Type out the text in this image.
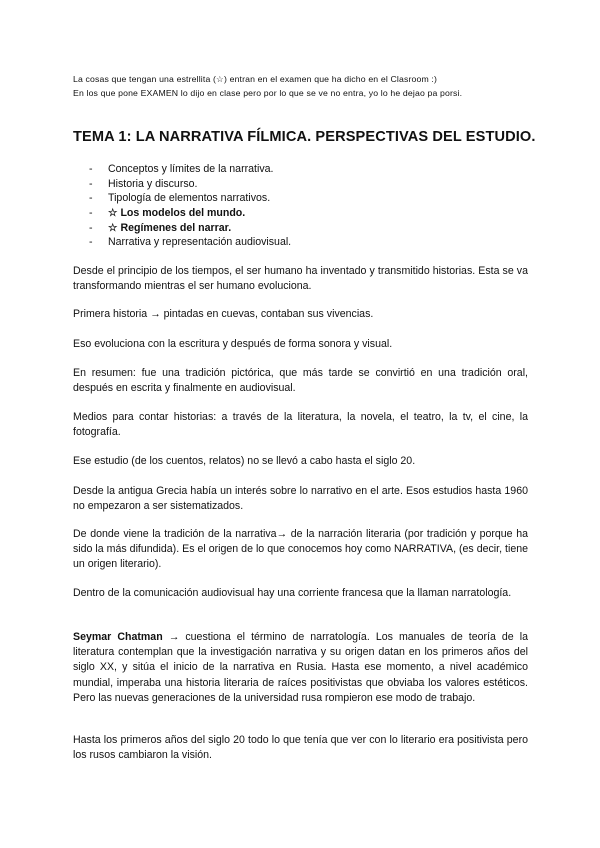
La cosas que tengan una estrellita (☆) entran en el examen que ha dicho en el Clasroom :)
En los que pone EXAMEN lo dijo en clase pero por lo que se ve no entra, yo lo he dejao pa porsi.
TEMA 1: LA NARRATIVA FÍLMICA. PERSPECTIVAS DEL ESTUDIO.
- Conceptos y límites de la narrativa.
- Historia y discurso.
- Tipología de elementos narrativos.
- ☆ Los modelos del mundo.
- ☆ Regímenes del narrar.
- Narrativa y representación audiovisual.
Desde el principio de los tiempos, el ser humano ha inventado y transmitido historias. Esta se va transformando mientras el ser humano evoluciona.
Primera historia → pintadas en cuevas, contaban sus vivencias.
Eso evoluciona con la escritura y después de forma sonora y visual.
En resumen: fue una tradición pictórica, que más tarde se convirtió en una tradición oral, después en escrita y finalmente en audiovisual.
Medios para contar historias: a través de la literatura, la novela, el teatro, la tv, el cine, la fotografía.
Ese estudio (de los cuentos, relatos) no se llevó a cabo hasta el siglo 20.
Desde la antigua Grecia había un interés sobre lo narrativo en el arte. Esos estudios hasta 1960 no empezaron a ser sistematizados.
De donde viene la tradición de la narrativa→ de la narración literaria (por tradición y porque ha sido la más difundida). Es el origen de lo que conocemos hoy como NARRATIVA, (es decir, tiene un origen literario).
Dentro de la comunicación audiovisual hay una corriente francesa que la llaman narratología.
Seymar Chatman → cuestiona el término de narratología. Los manuales de teoría de la literatura contemplan que la investigación narrativa y su origen datan en los primeros años del siglo XX, y sitúa el inicio de la narrativa en Rusia. Hasta ese momento, a nivel académico mundial, imperaba una historia literaria de raíces positivistas que obviaba los valores estéticos. Pero las nuevas generaciones de la universidad rusa rompieron ese modo de trabajo.
Hasta los primeros años del siglo 20 todo lo que tenía que ver con lo literario era positivista pero los rusos cambiaron la visión.
